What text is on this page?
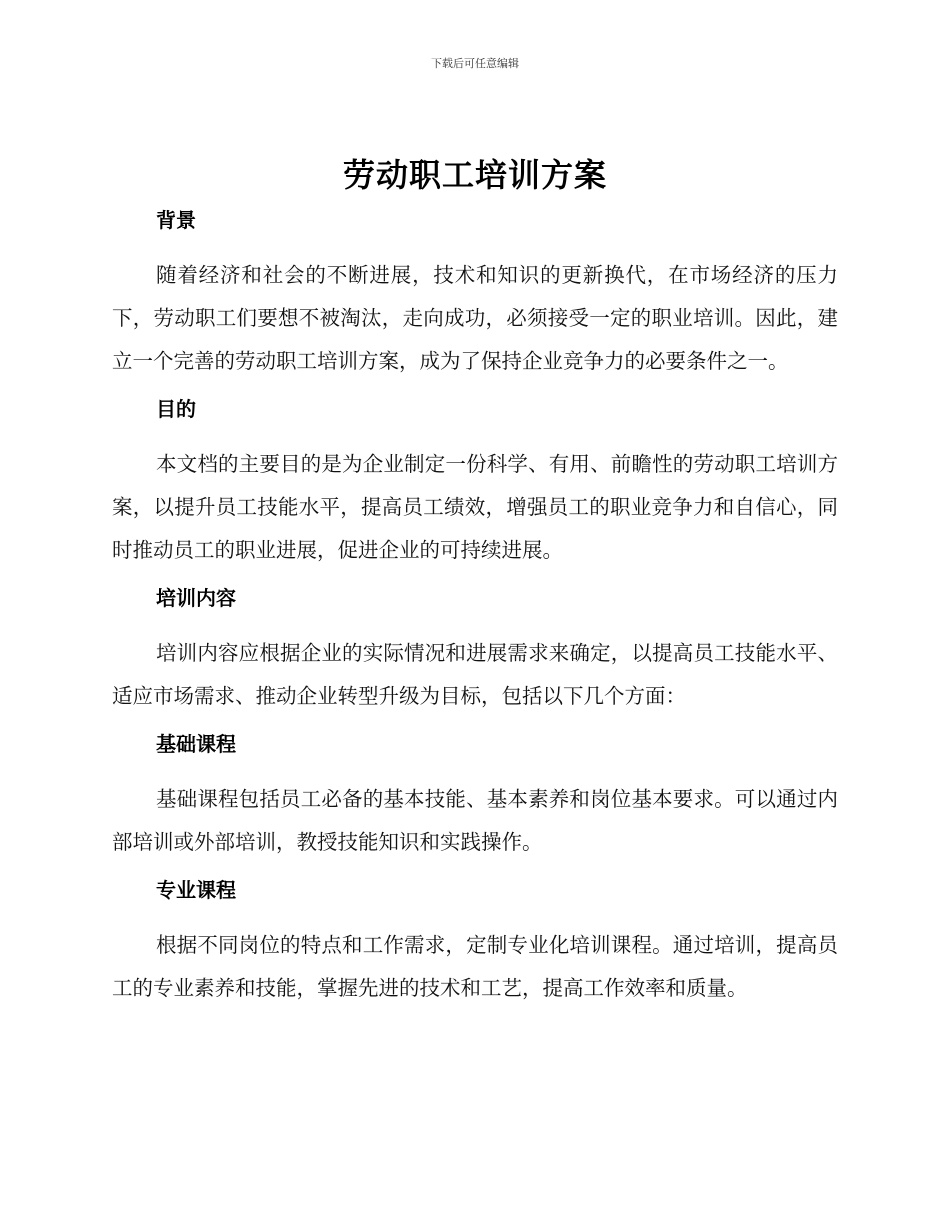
下载后可任意编辑
劳动职工培训方案
背景

随着经济和社会的不断进展，技术和知识的更新换代，在市场经济的压力下，劳动职工们要想不被淘汰，走向成功，必须接受一定的职业培训。因此，建立一个完善的劳动职工培训方案，成为了保持企业竞争力的必要条件之一。

目的

本文档的主要目的是为企业制定一份科学、有用、前瞻性的劳动职工培训方案，以提升员工技能水平，提高员工绩效，增强员工的职业竞争力和自信心，同时推动员工的职业进展，促进企业的可持续进展。

培训内容

培训内容应根据企业的实际情况和进展需求来确定，以提高员工技能水平、适应市场需求、推动企业转型升级为目标，包括以下几个方面：

基础课程

基础课程包括员工必备的基本技能、基本素养和岗位基本要求。可以通过内部培训或外部培训，教授技能知识和实践操作。

专业课程

根据不同岗位的特点和工作需求，定制专业化培训课程。通过培训，提高员工的专业素养和技能，掌握先进的技术和工艺，提高工作效率和质量。
